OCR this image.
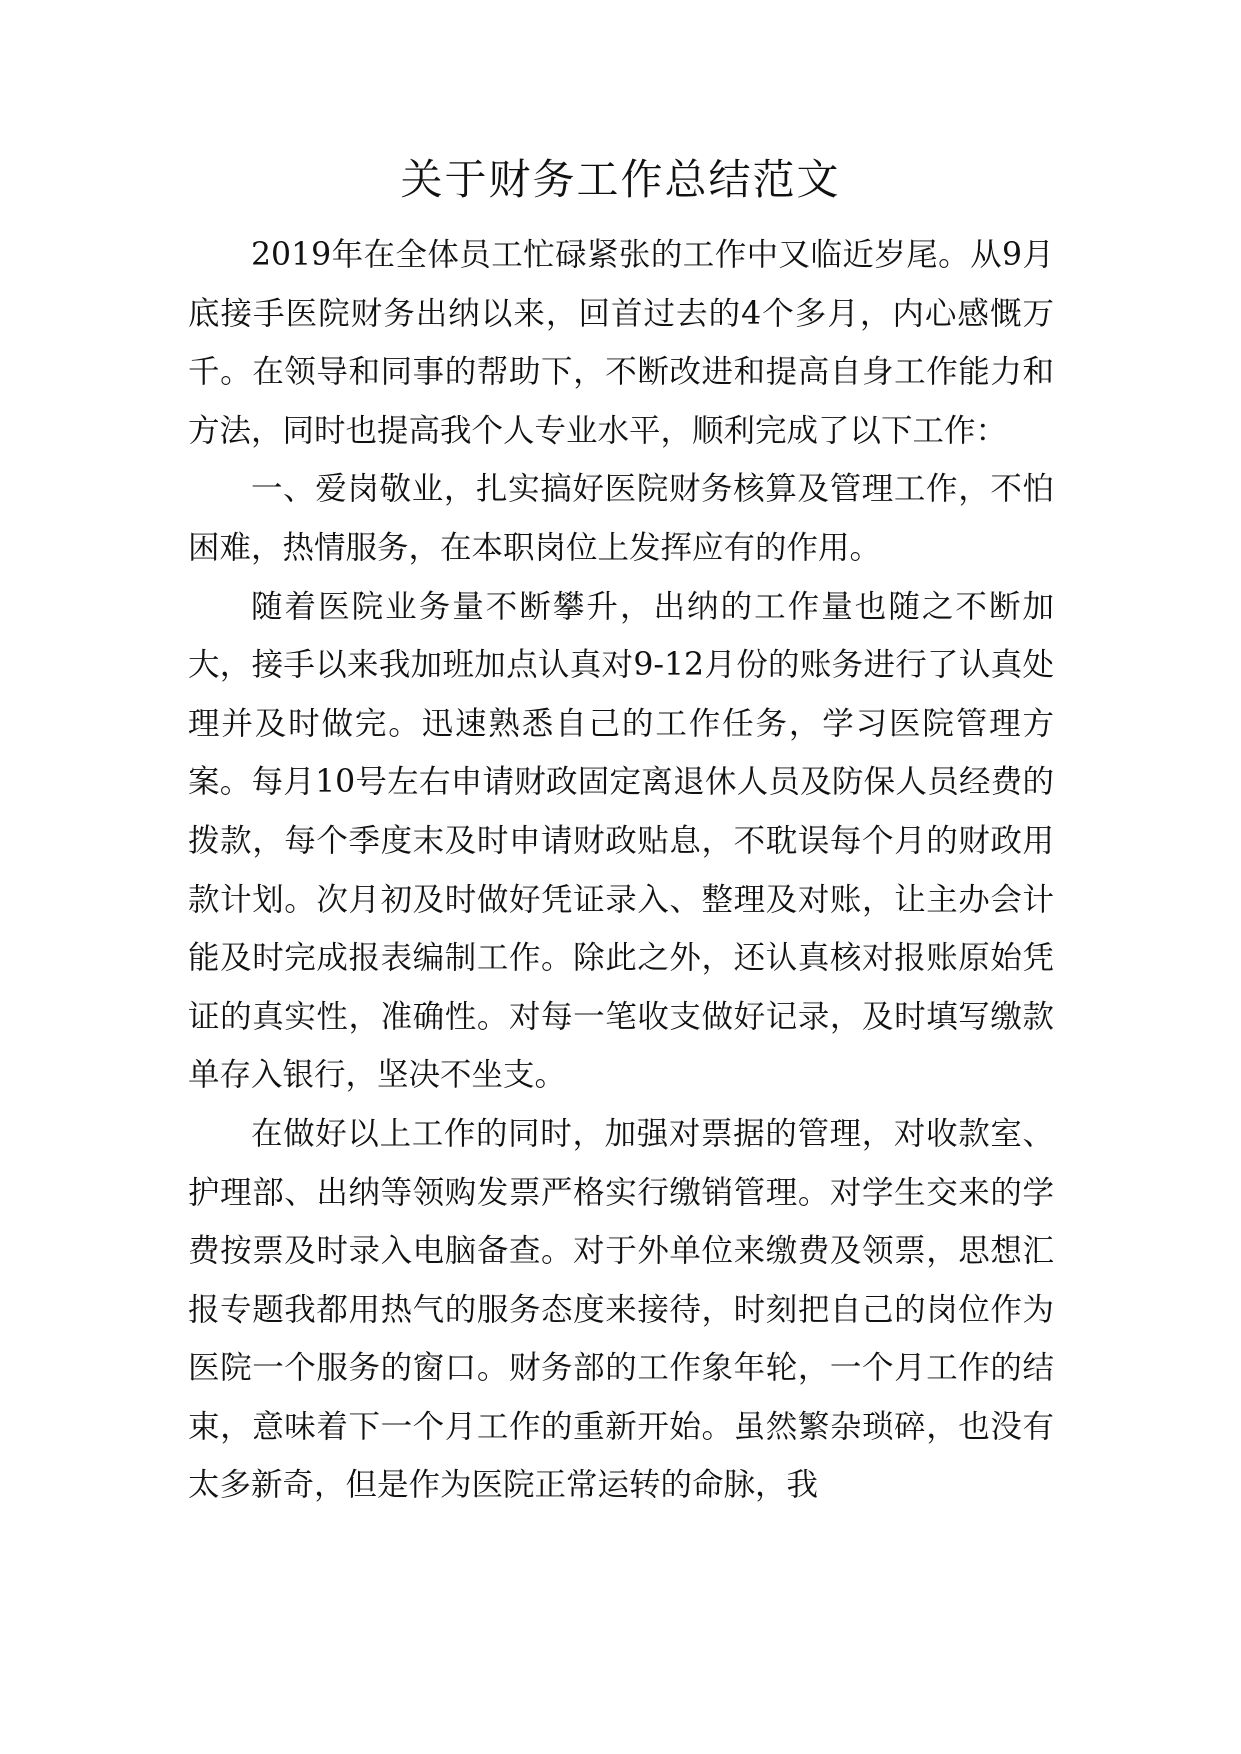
关于财务工作总结范文

2019年在全体员工忙碌紧张的工作中又临近岁尾。从9月底接手医院财务出纳以来，回首过去的4个多月，内心感慨万千。在领导和同事的帮助下，不断改进和提高自身工作能力和方法，同时也提高我个人专业水平，顺利完成了以下工作：

一、爱岗敬业，扎实搞好医院财务核算及管理工作，不怕困难，热情服务，在本职岗位上发挥应有的作用。

随着医院业务量不断攀升，出纳的工作量也随之不断加大，接手以来我加班加点认真对9-12月份的账务进行了认真处理并及时做完。迅速熟悉自己的工作任务，学习医院管理方案。每月10号左右申请财政固定离退休人员及防保人员经费的拨款，每个季度末及时申请财政贴息，不耽误每个月的财政用款计划。次月初及时做好凭证录入、整理及对账，让主办会计能及时完成报表编制工作。除此之外，还认真核对报账原始凭证的真实性，准确性。对每一笔收支做好记录，及时填写缴款单存入银行，坚决不坐支。

在做好以上工作的同时，加强对票据的管理，对收款室、护理部、出纳等领购发票严格实行缴销管理。对学生交来的学费按票及时录入电脑备查。对于外单位来缴费及领票，思想汇报专题我都用热气的服务态度来接待，时刻把自己的岗位作为医院一个服务的窗口。财务部的工作象年轮，一个月工作的结束，意味着下一个月工作的重新开始。虽然繁杂琐碎，也没有太多新奇，但是作为医院正常运转的命脉，我
